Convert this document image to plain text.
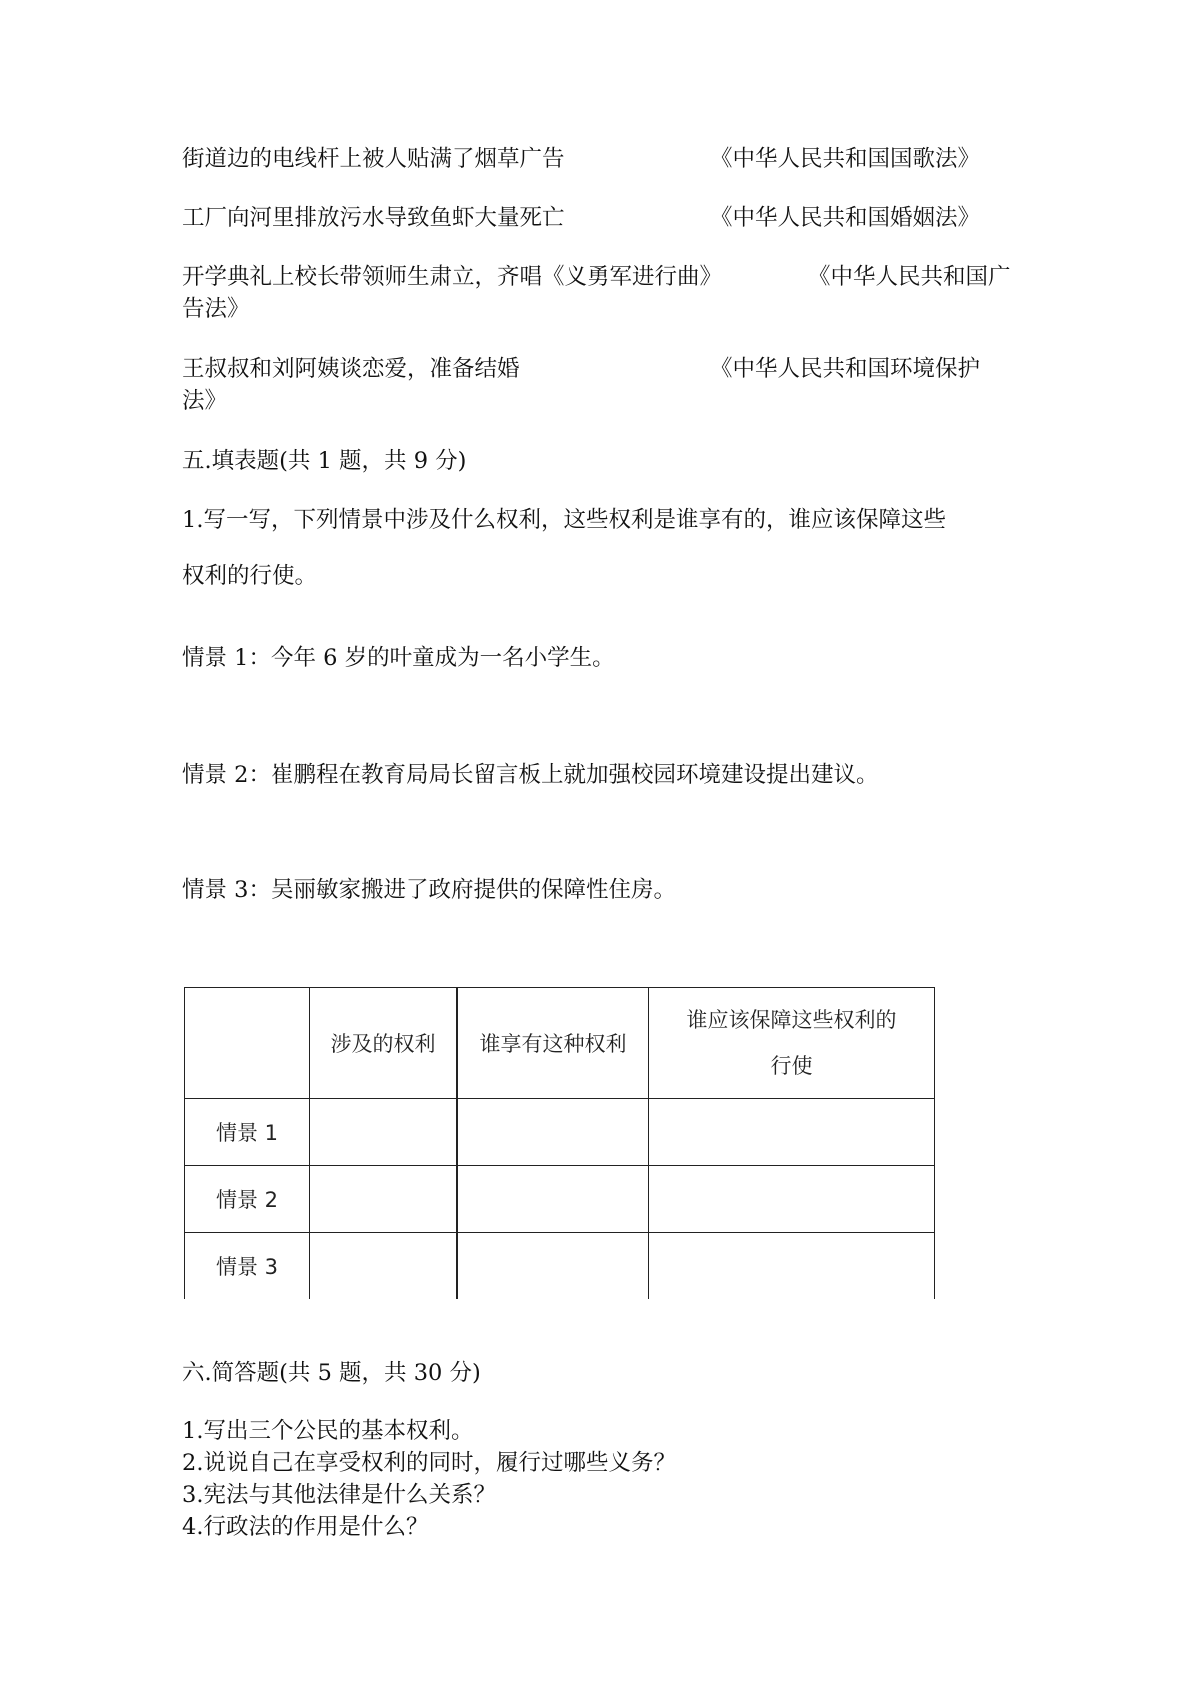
街道边的电线杆上被人贴满了烟草广告	《中华人民共和国国歌法》
工厂向河里排放污水导致鱼虾大量死亡	《中华人民共和国婚姻法》
开学典礼上校长带领师生肃立，齐唱《义勇军进行曲》	《中华人民共和国广
告法》
王叔叔和刘阿姨谈恋爱，准备结婚	《中华人民共和国环境保护
法》
五.填表题(共 1 题，共 9 分)
1.写一写，下列情景中涉及什么权利，这些权利是谁享有的，谁应该保障这些
权利的行使。
情景 1：今年 6 岁的叶童成为一名小学生。
情景 2：崔鹏程在教育局局长留言板上就加强校园环境建设提出建议。
情景 3：吴丽敏家搬进了政府提供的保障性住房。
	涉及的权利	谁享有这种权利	谁应该保障这些权利的
行使

情景 1			
情景 2			
情景 3			
六.简答题(共 5 题，共 30 分)
1.写出三个公民的基本权利。
2.说说自己在享受权利的同时，履行过哪些义务？
3.宪法与其他法律是什么关系？
4.行政法的作用是什么？
